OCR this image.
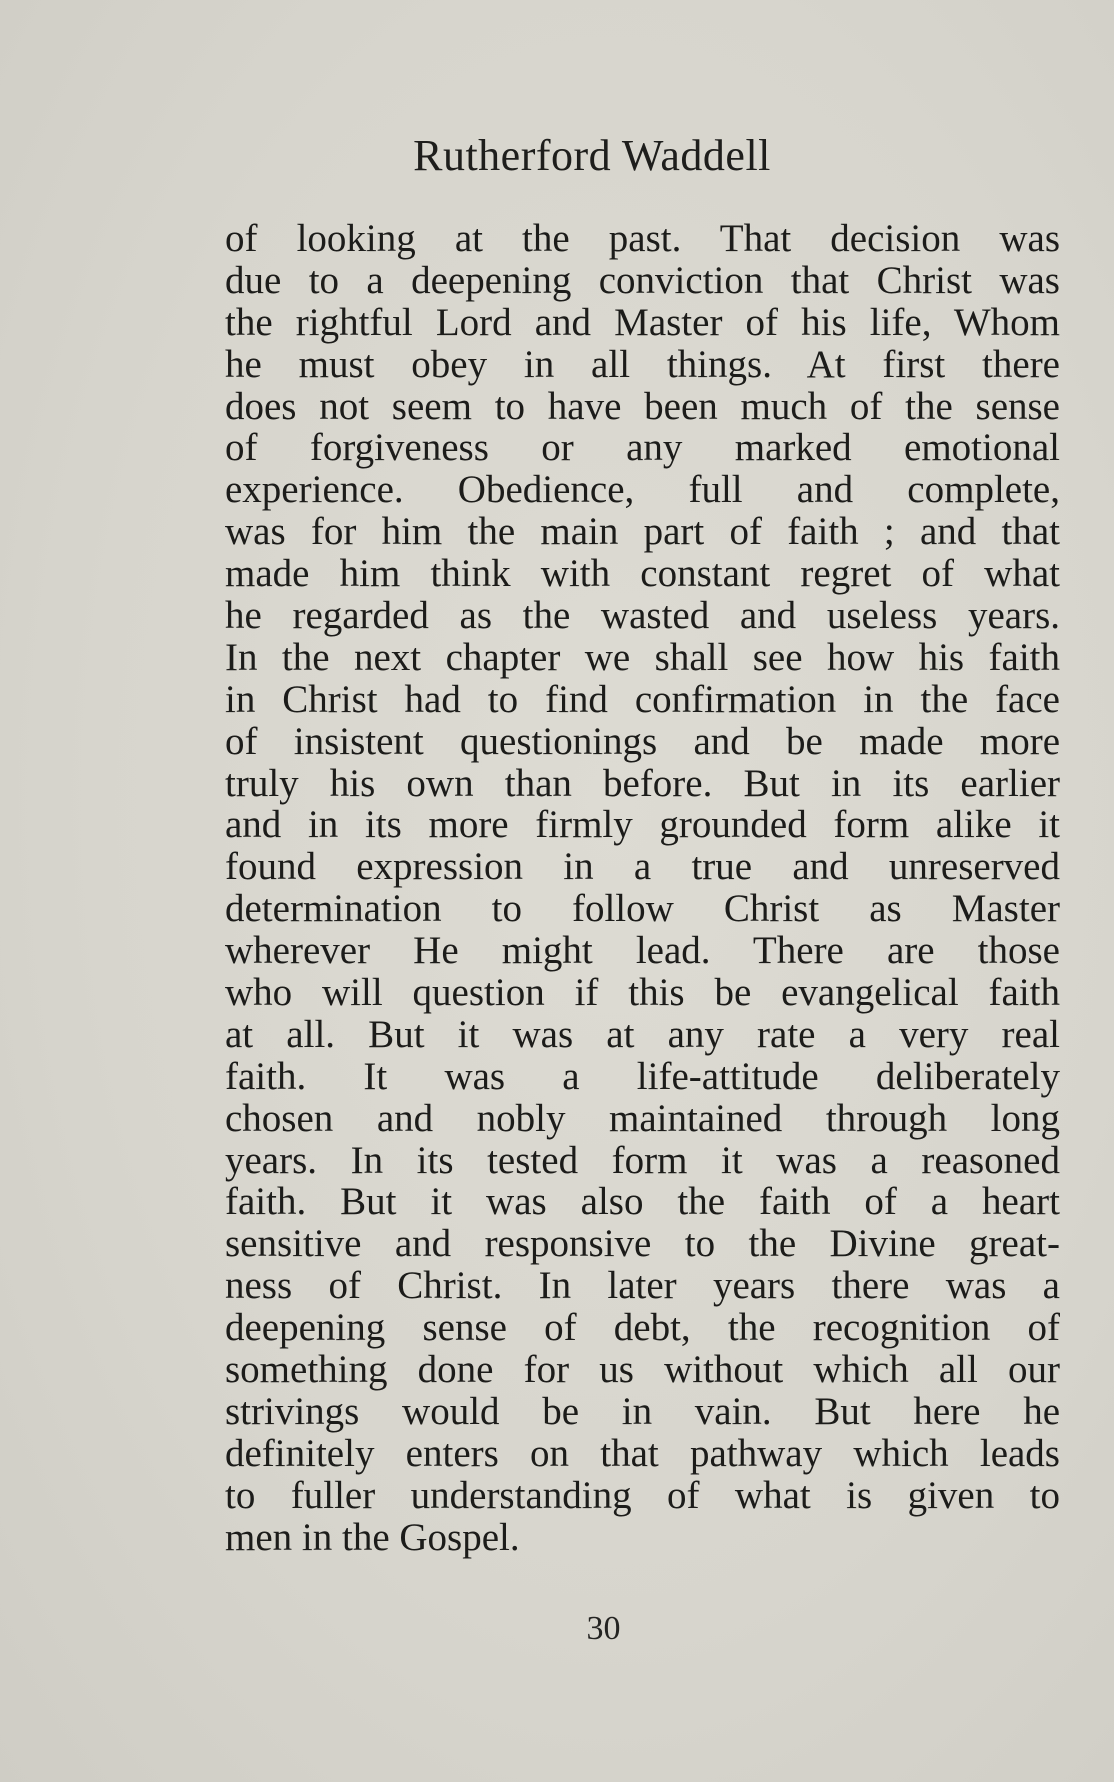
Rutherford Waddell
of looking at the past. That decision was
due to a deepening conviction that Christ was
the rightful Lord and Master of his life, Whom
he must obey in all things. At first there
does not seem to have been much of the sense
of forgiveness or any marked emotional
experience. Obedience, full and complete,
was for him the main part of faith ; and that
made him think with constant regret of what
he regarded as the wasted and useless years.
In the next chapter we shall see how his faith
in Christ had to find confirmation in the face
of insistent questionings and be made more
truly his own than before. But in its earlier
and in its more firmly grounded form alike it
found expression in a true and unreserved
determination to follow Christ as Master
wherever He might lead. There are those
who will question if this be evangelical faith
at all. But it was at any rate a very real
faith. It was a life-attitude deliberately
chosen and nobly maintained through long
years. In its tested form it was a reasoned
faith. But it was also the faith of a heart
sensitive and responsive to the Divine great-
ness of Christ. In later years there was a
deepening sense of debt, the recognition of
something done for us without which all our
strivings would be in vain. But here he
definitely enters on that pathway which leads
to fuller understanding of what is given to
men in the Gospel.
30
